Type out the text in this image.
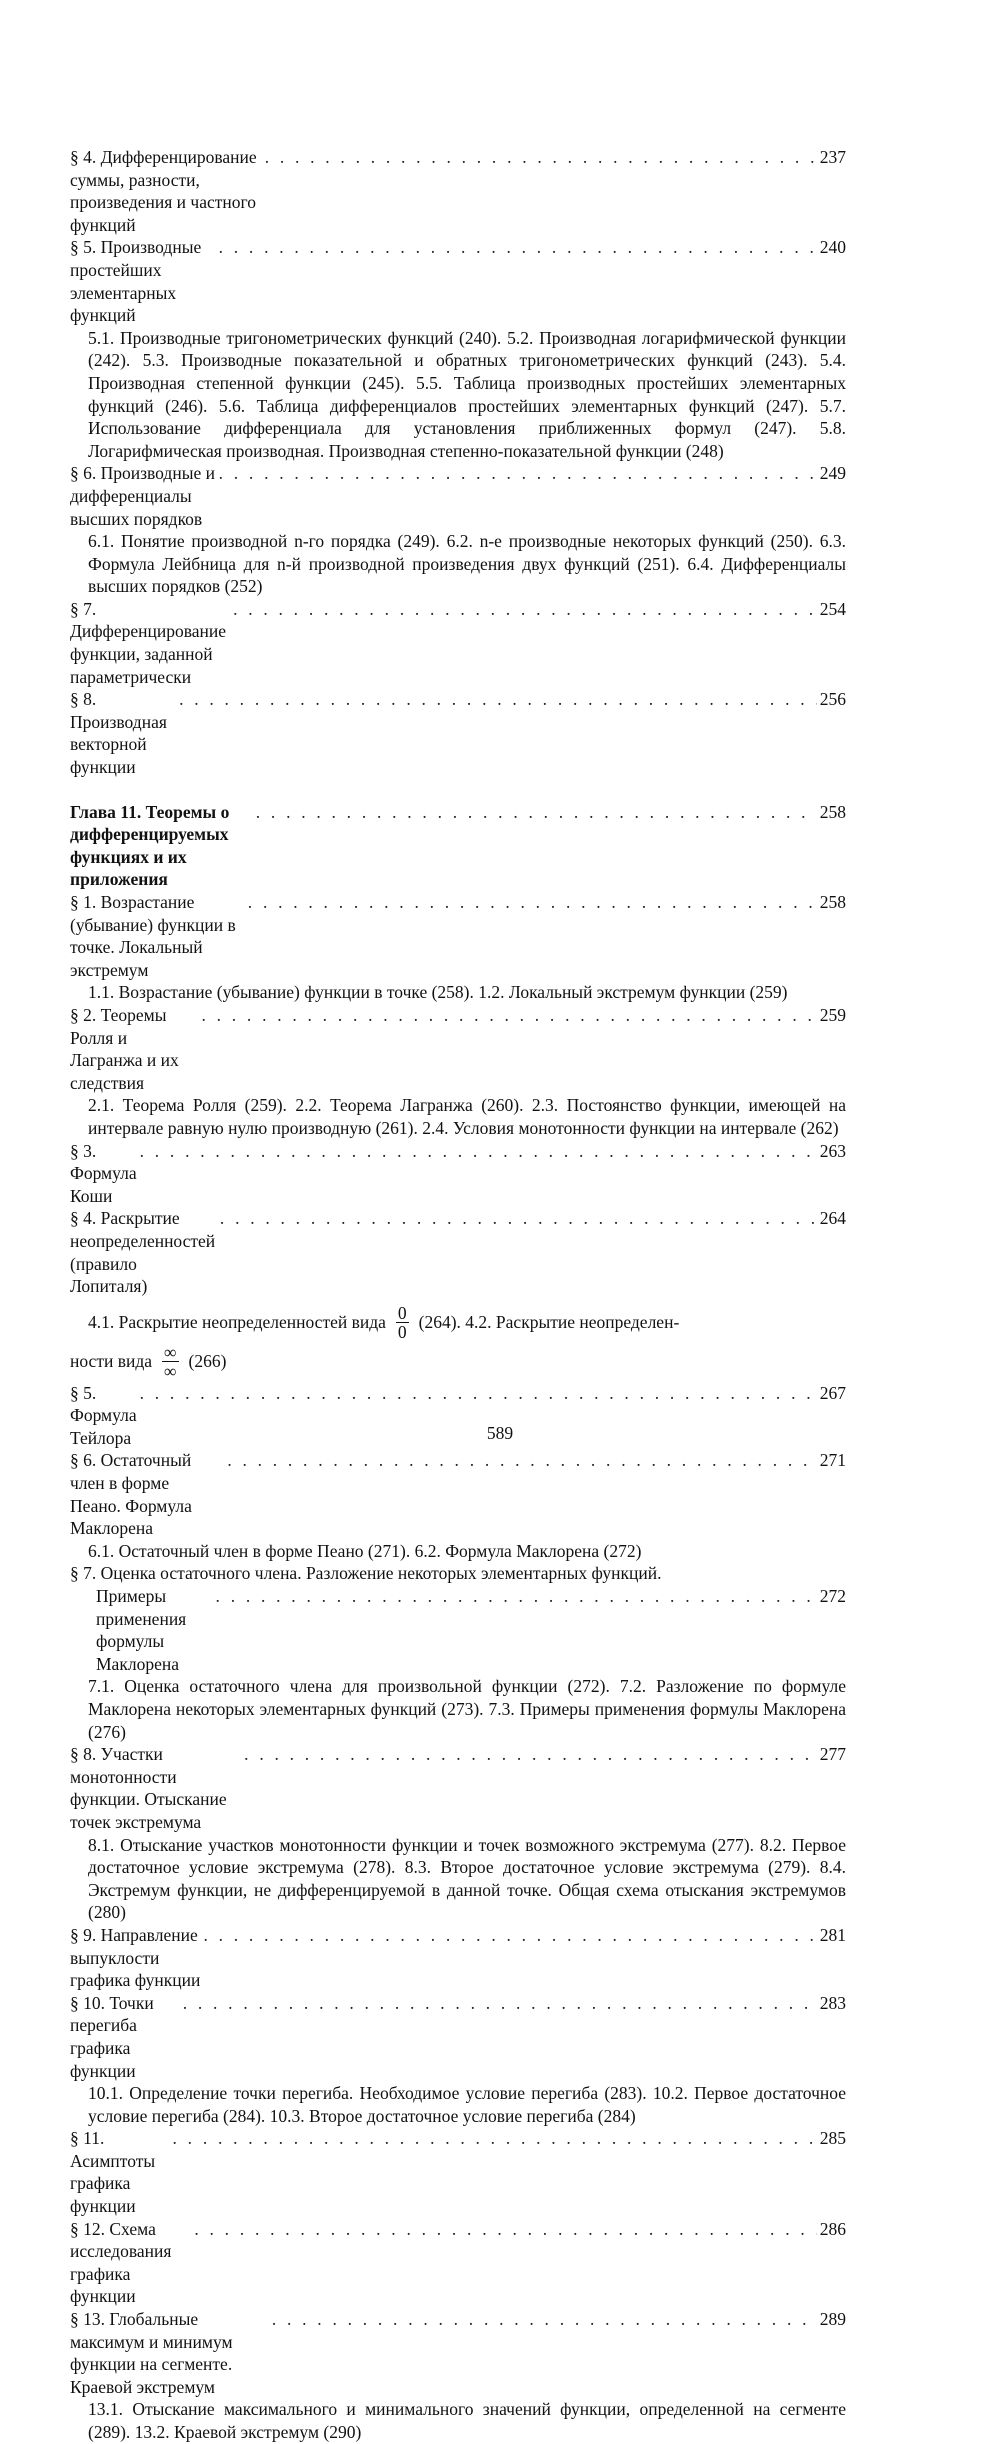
§ 4. Дифференцирование суммы, разности, произведения и частного функций
. . .
237
§ 5. Производные простейших элементарных функций
. . .
240
5.1. Производные тригонометрических функций (240). 5.2. Производная логарифмической функции (242). 5.3. Производные показательной и обратных тригонометрических функций (243). 5.4. Производная степенной функции (245). 5.5. Таблица производных простейших элементарных функций (246). 5.6. Таблица дифференциалов простейших элементарных функций (247). 5.7. Использование дифференциала для установления приближенных формул (247). 5.8. Логарифмическая производная. Производная степенно-показательной функции (248)
§ 6. Производные и дифференциалы высших порядков
. . .
249
6.1. Понятие производной n-го порядка (249). 6.2. n-е производные некоторых функций (250). 6.3. Формула Лейбница для n-й производной произведения двух функций (251). 6.4. Дифференциалы высших порядков (252)
§ 7. Дифференцирование функции, заданной параметрически
. . .
254
§ 8. Производная векторной функции
. . .
256
Глава 11. Теоремы о дифференцируемых функциях и их приложения
. . .
258
§ 1. Возрастание (убывание) функции в точке. Локальный экстремум
. . .
258
1.1. Возрастание (убывание) функции в точке (258). 1.2. Локальный экстремум функции (259)
§ 2. Теоремы Ролля и Лагранжа и их следствия
. . .
259
2.1. Теорема Ролля (259). 2.2. Теорема Лагранжа (260). 2.3. Постоянство функции, имеющей на интервале равную нулю производную (261). 2.4. Условия монотонности функции на интервале (262)
§ 3. Формула Коши
. . .
263
§ 4. Раскрытие неопределенностей (правило Лопиталя)
. . .
264
4.1. Раскрытие неопределенностей вида $\frac{0}{0} (264)$. 4.2. Раскрытие неопределен-
ности вида $\frac{\infty}{\infty} (266)$
§ 5. Формула Тейлора
. . .
267
§ 6. Остаточный член в форме Пеано. Формула Маклорена
. . .
271
6.1. Остаточный член в форме Пеано (271). 6.2. Формула Маклорена (272)
§ 7. Оценка остаточного члена. Разложение некоторых элементарных функций.
Примеры применения формулы Маклорена
. . .
272
7.1. Оценка остаточного члена для произвольной функции (272). 7.2. Разложение по формуле Маклорена некоторых элементарных функций (273). 7.3. Примеры применения формулы Маклорена (276)
§ 8. Участки монотонности функции. Отыскание точек экстремума
. . .
277
8.1. Отыскание участков монотонности функции и точек возможного экстремума (277). 8.2. Первое достаточное условие экстремума (278). 8.3. Второе достаточное условие экстремума (279). 8.4. Экстремум функции, не дифференцируемой в данной точке. Общая схема отыскания экстремумов (280)
§ 9. Направление выпуклости графика функции
. . .
281
§ 10. Точки перегиба графика функции
. . .
283
10.1. Определение точки перегиба. Необходимое условие перегиба (283). 10.2. Первое достаточное условие перегиба (284). 10.3. Второе достаточное условие перегиба (284)
§ 11. Асимптоты графика функции
. . .
285
§ 12. Схема исследования графика функции
. . .
286
§ 13. Глобальные максимум и минимум функции на сегменте. Краевой экстремум
. . .
289
13.1. Отыскание максимального и минимального значений функции, определенной на сегменте (289). 13.2. Краевой экстремум (290)
589
